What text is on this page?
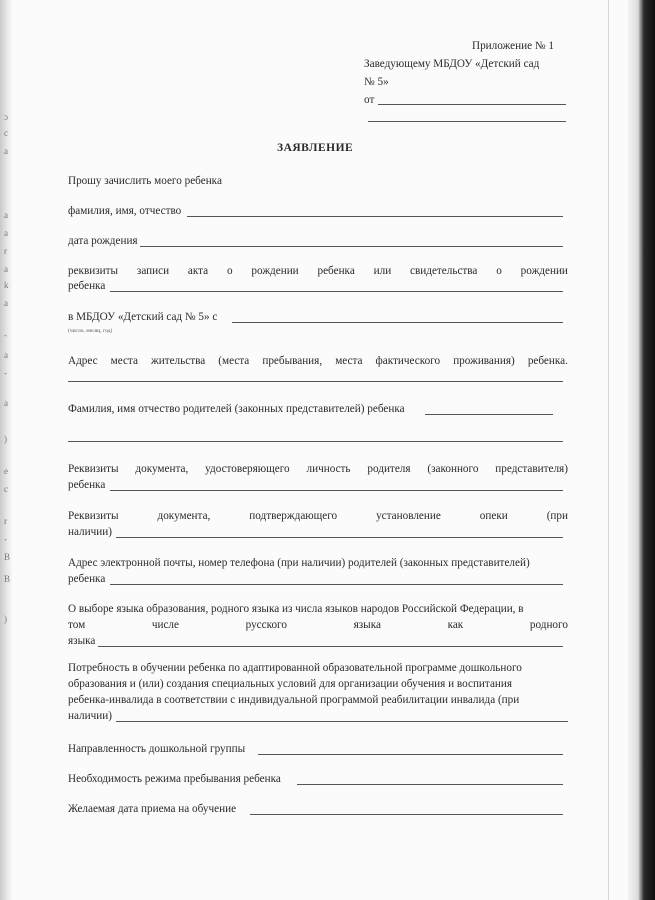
ɔ
c
a
a
a
r
a
k
a
-
a
-
a
)
e
c
r
-
B
B
)
Приложение № 1
Заведующему МБДОУ «Детский сад
№ 5»
от
ЗАЯВЛЕНИЕ
Прошу зачислить моего ребенка
фамилия, имя, отчество
дата рождения
реквизиты записи акта о рождении ребенка или свидетельства о рождении
ребенка
в МБДОУ «Детский сад № 5» с
(число, месяц, год)
Адрес места жительства (места пребывания, места фактического проживания) ребенка.
Фамилия, имя отчество родителей (законных представителей) ребенка
Реквизиты документа, удостоверяющего личность родителя (законного представителя)
ребенка
Реквизиты	документа,	подтверждающего	установление	опеки	(при
наличии)
Адрес электронной почты, номер телефона (при наличии) родителей (законных представителей)
ребенка
О выборе языка образования, родного языка из числа языков народов Российской Федерации, в
том	числе	русского	языка	как	родного
языка
Потребность в обучении ребенка по адаптированной образовательной программе дошкольного
образования и (или) создания специальных условий для организации обучения и воспитания
ребенка-инвалида в соответствии с индивидуальной программой реабилитации инвалида (при
наличии)
Направленность дошкольной группы
Необходимость режима пребывания ребенка
Желаемая дата приема на обучение
